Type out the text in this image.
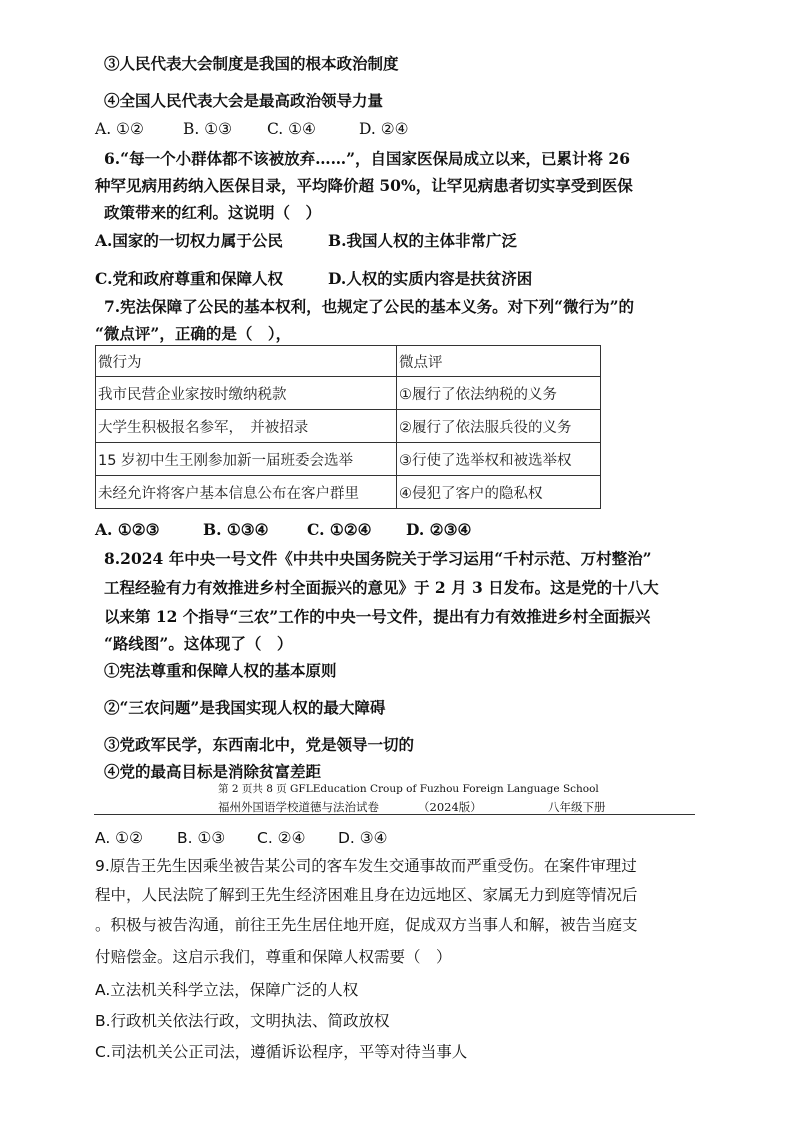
③人民代表大会制度是我国的根本政治制度
④全国人民代表大会是最高政治领导力量
A. ①②	B. ①③ C. ①④	D. ②④
6.“每一个小群体都不该被放弃……”，自国家医保局成立以来，已累计将 26
种罕见病用药纳入医保目录，平均降价超 50%，让罕见病患者切实享受到医保
政策带来的红利。这说明（　）
A.国家的一切权力属于公民	B.我国人权的主体非常广泛
C.党和政府尊重和保障人权	D.人权的实质内容是扶贫济困
7.宪法保障了公民的基本权利，也规定了公民的基本义务。对下列“微行为”的
“微点评”，正确的是（　），
微行为	微点评
我市民营企业家按时缴纳税款	①履行了依法纳税的义务
大学生积极报名参军，　并被招录	②履行了依法服兵役的义务
15 岁初中生王刚参加新一届班委会选举	③行使了选举权和被选举权
未经允许将客户基本信息公布在客户群里	④侵犯了客户的隐私权
A. ①②③	B. ①③④ C. ①②④ D. ②③④
8.2024 年中央一号文件《中共中央国务院关于学习运用“千村示范、万村整治”
工程经验有力有效推进乡村全面振兴的意见》于 2 月 3 日发布。这是党的十八大
以来第 12 个指导“三农”工作的中央一号文件，提出有力有效推进乡村全面振兴
“路线图”。这体现了（　）
①宪法尊重和保障人权的基本原则
②“三农问题”是我国实现人权的最大障碍
③党政军民学，东西南北中，党是领导一切的
④党的最高目标是消除贫富差距
第 2 页共 8 页 GFLEducation Croup of Fuzhou Foreign Language School
福州外国语学校道德与法治试卷	（2024版）	八年级下册
A. ①② B. ①③ C. ②④ D. ③④
9.原告王先生因乘坐被告某公司的客车发生交通事故而严重受伤。在案件审理过
程中，人民法院了解到王先生经济困难且身在边远地区、家属无力到庭等情况后
。积极与被告沟通，前往王先生居住地开庭，促成双方当事人和解，被告当庭支
付赔偿金。这启示我们，尊重和保障人权需要（　）
A.立法机关科学立法，保障广泛的人权
B.行政机关依法行政，文明执法、简政放权
C.司法机关公正司法，遵循诉讼程序，平等对待当事人
